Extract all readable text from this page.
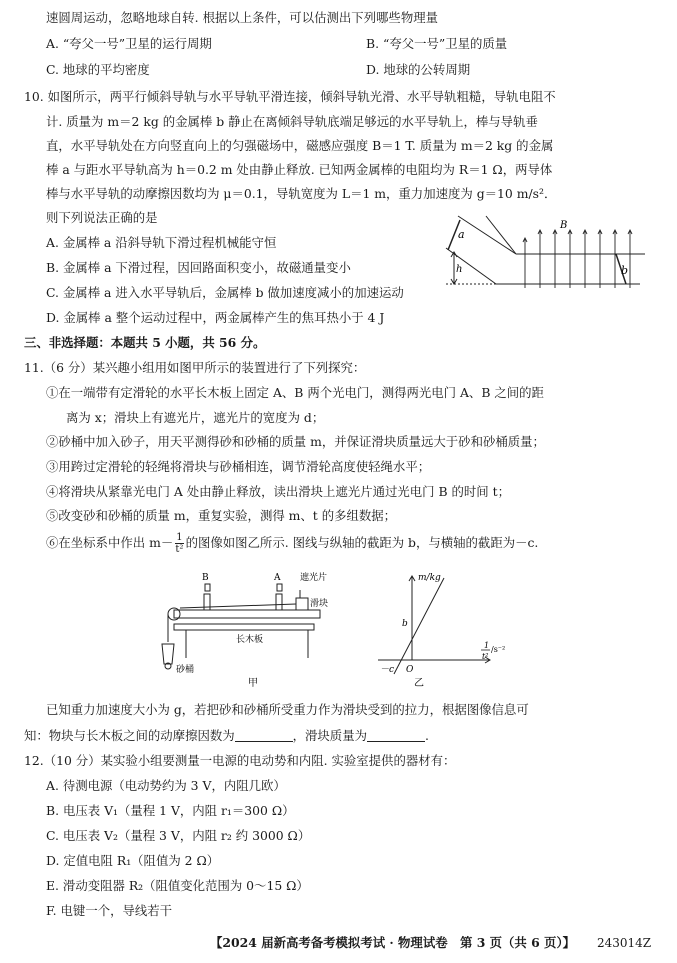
速圆周运动，忽略地球自转. 根据以上条件，可以估测出下列哪些物理量
A. “夸父一号”卫星的运行周期	B. “夸父一号”卫星的质量
C. 地球的平均密度	D. 地球的公转周期
10. 如图所示，两平行倾斜导轨与水平导轨平滑连接，倾斜导轨光滑、水平导轨粗糙，导轨电阻不
计. 质量为 m＝2 kg 的金属棒 b 静止在离倾斜导轨底端足够远的水平导轨上，棒与导轨垂
直，水平导轨处在方向竖直向上的匀强磁场中，磁感应强度 B＝1 T. 质量为 m＝2 kg 的金属
棒 a 与距水平导轨高为 h＝0.2 m 处由静止释放. 已知两金属棒的电阻均为 R＝1 Ω，两导体
棒与水平导轨的动摩擦因数均为 μ＝0.1，导轨宽度为 L＝1 m，重力加速度为 g＝10 m/s²．
则下列说法正确的是
A. 金属棒 a 沿斜导轨下滑过程机械能守恒
B. 金属棒 a 下滑过程，因回路面积变小，故磁通量变小
C. 金属棒 a 进入水平导轨后，金属棒 b 做加速度减小的加速运动
D. 金属棒 a 整个运动过程中，两金属棒产生的焦耳热小于 4 J
a
b
B
h
三、非选择题：本题共 5 小题，共 56 分。
11.（6 分）某兴趣小组用如图甲所示的装置进行了下列探究：
①在一端带有定滑轮的水平长木板上固定 A、B 两个光电门，测得两光电门 A、B 之间的距
离为 x；滑块上有遮光片，遮光片的宽度为 d；
②砂桶中加入砂子，用天平测得砂和砂桶的质量 m，并保证滑块质量远大于砂和砂桶质量；
③用跨过定滑轮的轻绳将滑块与砂桶相连，调节滑轮高度使轻绳水平；
④将滑块从紧靠光电门 A 处由静止释放，读出滑块上遮光片通过光电门 B 的时间 t；
⑤改变砂和砂桶的质量 m，重复实验，测得 m、t 的多组数据；
⑥在坐标系中作出 $m- \frac{1}{\text{t²}}$ 的图像如图乙所示. 图线与纵轴的截距为 b，与横轴的截距为－c.
B	A 遮光片
滑块
长木板
砂桶
甲
m/kg
b
－c O
1
t²
/s⁻²
乙
已知重力加速度大小为 g，若把砂和砂桶所受重力作为滑块受到的拉力，根据图像信息可
知：物块与长木板之间的动摩擦因数为	，滑块质量为	.
12.（10 分）某实验小组要测量一电源的电动势和内阻. 实验室提供的器材有：
A. 待测电源（电动势约为 3 V，内阻几欧）
B. 电压表 V₁（量程 1 V，内阻 r₁＝300 Ω）
C. 电压表 V₂（量程 3 V，内阻 r₂ 约 3000 Ω）
D. 定值电阻 R₁（阻值为 2 Ω）
E. 滑动变阻器 R₂（阻值变化范围为 0～15 Ω）
F. 电键一个，导线若干
【2024 届新高考备考模拟考试 · 物理试卷　第 3 页（共 6 页）】 243014Z
